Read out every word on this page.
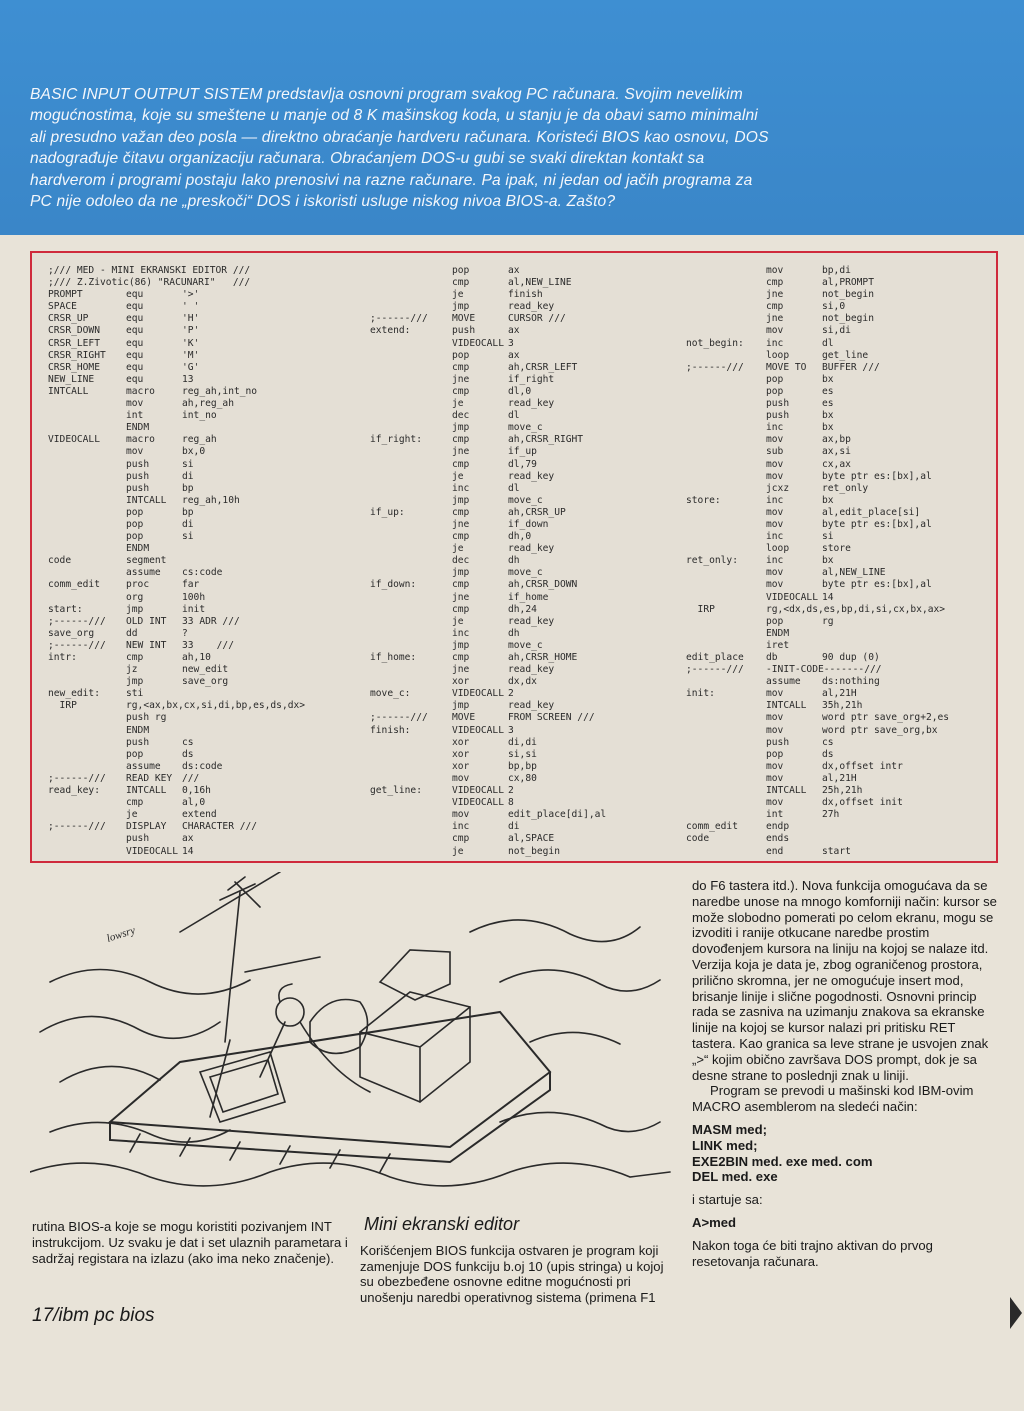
BASIC INPUT OUTPUT SISTEM predstavlja osnovni program svakog PC računara. Svojim nevelikim

mogućnostima, koje su smeštene u manje od 8 K mašinskog koda, u stanju je da obavi samo minimalni

ali presudno važan deo posla — direktno obraćanje hardveru računara. Koristeći BIOS kao osnovu, DOS

nadograđuje čitavu organizaciju računara. Obraćanjem DOS-u gubi se svaki direktan kontakt sa

hardverom i programi postaju lako prenosivi na razne računare. Pa ipak, ni jedan od jačih programa za

PC nije odoleo da ne „preskoči“ DOS i iskoristi usluge niskog nivoa BIOS-a. Zašto?

;/// MED - MINI EKRANSKI EDITOR ///
;/// Z.Zivotic(86) "RACUNARI"   ///
PROMPT	equ	'>'
SPACE	equ	' '
CRSR_UP	equ	'H'
CRSR_DOWN	equ	'P'
CRSR_LEFT	equ	'K'
CRSR_RIGHT	equ	'M'
CRSR_HOME	equ	'G'
NEW_LINE	equ	13
INTCALL	macro	reg_ah,int_no
mov	ah,reg_ah
int	int_no
ENDM
VIDEOCALL	macro	reg_ah
mov	bx,0
push	si
push	di
push	bp
INTCALL	reg_ah,10h
pop	bp
pop	di
pop	si
ENDM
code	segment
assume	cs:code
comm_edit	proc	far
org	100h
start:	jmp	init
;------///	OLD INT	33 ADR ///
save_org	dd	?
;------///	NEW INT	33    ///
intr:	cmp	ah,10
jz	new_edit
jmp	save_org
new_edit:	sti
IRP	rg,<ax,bx,cx,si,di,bp,es,ds,dx>
push rg
ENDM
push	cs
pop	ds
assume	ds:code
;------///	READ KEY	///
read_key:	INTCALL	0,16h
cmp	al,0
je	extend
;------///	DISPLAY	CHARACTER ///
push	ax
VIDEOCALL 14
pop	ax
cmp	al,NEW_LINE
je	finish
jmp	read_key
;------///	MOVE	CURSOR ///
extend:	push	ax
VIDEOCALL 3
pop	ax
cmp	ah,CRSR_LEFT
jne	if_right
cmp	dl,0
je	read_key
dec	dl
jmp	move_c
if_right:	cmp	ah,CRSR_RIGHT
jne	if_up
cmp	dl,79
je	read_key
inc	dl
jmp	move_c
if_up:	cmp	ah,CRSR_UP
jne	if_down
cmp	dh,0
je	read_key
dec	dh
jmp	move_c
if_down:	cmp	ah,CRSR_DOWN
jne	if_home
cmp	dh,24
je	read_key
inc	dh
jmp	move_c
if_home:	cmp	ah,CRSR_HOME
jne	read_key
xor	dx,dx
move_c:	VIDEOCALL 2
jmp	read_key
;------///	MOVE	FROM SCREEN ///
finish:	VIDEOCALL 3
xor	di,di
xor	si,si
xor	bp,bp
mov	cx,80
get_line:	VIDEOCALL 2
VIDEOCALL 8
mov	edit_place[di],al
inc	di
cmp	al,SPACE
je	not_begin
mov	bp,di
cmp	al,PROMPT
jne	not_begin
cmp	si,0
jne	not_begin
mov	si,di
not_begin:	inc	dl
loop	get_line
;------///	MOVE TO	BUFFER ///
pop	bx
pop	es
push	es
push	bx
inc	bx
mov	ax,bp
sub	ax,si
mov	cx,ax
mov	byte ptr es:[bx],al
jcxz	ret_only
store:	inc	bx
mov	al,edit_place[si]
mov	byte ptr es:[bx],al
inc	si
loop	store
ret_only:	inc	bx
mov	al,NEW_LINE
mov	byte ptr es:[bx],al
VIDEOCALL 14
IRP	rg,<dx,ds,es,bp,di,si,cx,bx,ax>
pop	rg
ENDM
iret
edit_place	db	90 dup (0)
;------///	-INIT-CODE-------///
assume	ds:nothing
init:	mov	al,21H
INTCALL	35h,21h
mov	word ptr save_org+2,es
mov	word ptr save_org,bx
push	cs
pop	ds
mov	dx,offset intr
mov	al,21H
INTCALL	25h,21h
mov	dx,offset init
int	27h
comm_edit	endp
code	ends
end	start
lowsry

rutina BIOS-a koje se mogu koristiti pozivanjem INT instrukcijom. Uz svaku je dat i set ulaznih parametara i sadržaj registara na izlazu (ako ima neko značenje).

Mini ekranski editor

Korišćenjem BIOS funkcija ostvaren je program koji zamenjuje DOS funkciju b.oj 10 (upis stringa) u kojoj su obezbeđene osnovne editne mogućnosti pri unošenju naredbi operativnog sistema (primena F1

do F6 tastera itd.). Nova funkcija omogućava da se naredbe unose na mnogo komforniji način: kursor se može slobodno pomerati po celom ekranu, mogu se izvoditi i ranije otkucane naredbe prostim dovođenjem kursora na liniju na kojoj se nalaze itd. Verzija koja je data je, zbog ograničenog prostora, prilično skromna, jer ne omogućuje insert mod, brisanje linije i slične pogodnosti. Osnovni princip rada se zasniva na uzimanju znakova sa ekranske linije na kojoj se kursor nalazi pri pritisku RET tastera. Kao granica sa leve strane je usvojen znak „>“ kojim obično završava DOS prompt, dok je sa desne strane to poslednji znak u liniji.

Program se prevodi u mašinski kod IBM-ovim MACRO asemblerom na sledeći način:

MASM med;

LINK med;

EXE2BIN med. exe med. com

DEL med. exe

i startuje sa:

A>med

Nakon toga će biti trajno aktivan do prvog resetovanja računara.

17/ibm pc bios
